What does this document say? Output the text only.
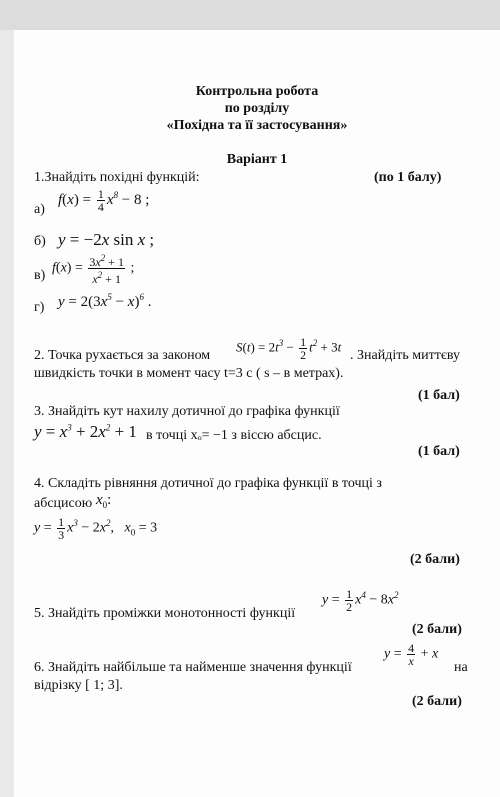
Контрольна робота
по розділу
«Похідна та її застосування»
Варіант 1
1.Знайдіть похідні функцій:	(по 1 балу)
а)
$f(x) = \frac{1}{4} x^8 - 8$ ;
б) y = −2x sin x ;
в) $f(x) = \frac{3x^2 + 1}{x^2 + 1}$ ;
г) $y = 2(3x^5 - x)^6$ .
2. Точка рухається за законом
$S(t) = 2t^3 - \frac{1}{2} t^2 + 3t$
. Знайдіть миттєву
швидкість точки в момент часу t=3 с ( s – в метрах).
(1 бал)
3. Знайдіть кут нахилу дотичної до графіка функції
$y = x^3 + 2x^2 + 1$ в точці xₒ= −1 з віссю абсцис.
(1 бал)
4. Складіть рівняння дотичної до графіка функції в точці з
абсцисою $x_0$:
$y = \frac{1}{3} x^3 - 2x^2$,   $x_0 = 3$
(2 бали)
5. Знайдіть проміжки монотонності функції
$y = \frac{1}{2} x^4 - 8x^2$
(2 бали)
6. Знайдіть найбільше та найменше значення функції
$y = \frac{4}{x} + x$
на
відрізку [ 1; 3].
(2 бали)
